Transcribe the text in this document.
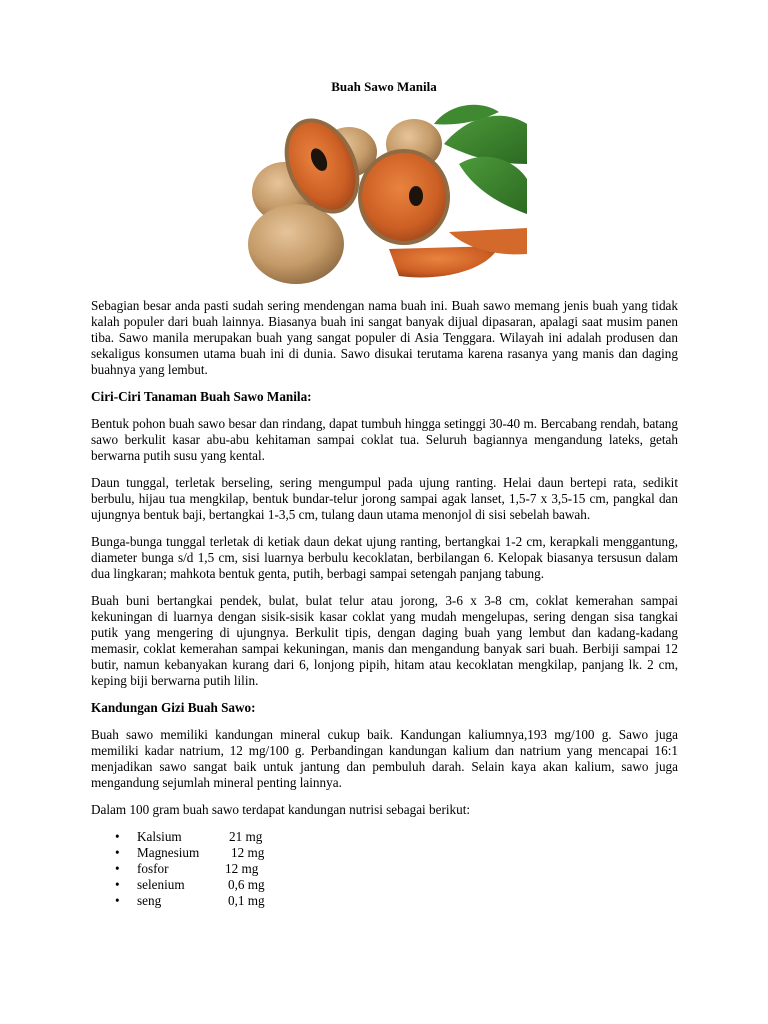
Buah Sawo Manila

Sebagian besar anda pasti sudah sering mendengan nama buah ini. Buah sawo memang jenis buah yang tidak kalah populer dari buah lainnya. Biasanya buah ini sangat banyak dijual dipasaran, apalagi saat musim panen tiba. Sawo manila merupakan buah yang sangat populer di Asia Tenggara. Wilayah ini adalah produsen dan sekaligus konsumen utama buah ini di dunia. Sawo disukai terutama karena rasanya yang manis dan daging buahnya yang lembut.

Ciri-Ciri Tanaman Buah Sawo Manila:

Bentuk pohon buah sawo besar dan rindang, dapat tumbuh hingga setinggi 30-40 m. Bercabang rendah, batang sawo berkulit kasar abu-abu kehitaman sampai coklat tua. Seluruh bagiannya mengandung lateks, getah berwarna putih susu yang kental.

Daun tunggal, terletak berseling, sering mengumpul pada ujung ranting. Helai daun bertepi rata, sedikit berbulu, hijau tua mengkilap, bentuk bundar-telur jorong sampai agak lanset, 1,5-7 x 3,5-15 cm, pangkal dan ujungnya bentuk baji, bertangkai 1-3,5 cm, tulang daun utama menonjol di sisi sebelah bawah.

Bunga-bunga tunggal terletak di ketiak daun dekat ujung ranting, bertangkai 1-2 cm, kerapkali menggantung, diameter bunga s/d 1,5 cm, sisi luarnya berbulu kecoklatan, berbilangan 6. Kelopak biasanya tersusun dalam dua lingkaran; mahkota bentuk genta, putih, berbagi sampai setengah panjang tabung.

Buah buni bertangkai pendek, bulat, bulat telur atau jorong, 3-6 x 3-8 cm, coklat kemerahan sampai kekuningan di luarnya dengan sisik-sisik kasar coklat yang mudah mengelupas, sering dengan sisa tangkai putik yang mengering di ujungnya. Berkulit tipis, dengan daging buah yang lembut dan kadang-kadang memasir, coklat kemerahan sampai kekuningan, manis dan mengandung banyak sari buah. Berbiji sampai 12 butir, namun kebanyakan kurang dari 6, lonjong pipih, hitam atau kecoklatan mengkilap, panjang lk. 2 cm, keping biji berwarna putih lilin.

Kandungan Gizi Buah Sawo:

Buah sawo memiliki kandungan mineral cukup baik. Kandungan kaliumnya,193 mg/100 g. Sawo juga memiliki kadar natrium, 12 mg/100 g. Perbandingan kandungan kalium dan natrium yang mencapai 16:1 menjadikan sawo sangat baik untuk jantung dan pembuluh darah. Selain kaya akan kalium, sawo juga mengandung sejumlah mineral penting lainnya.

Dalam 100 gram buah sawo terdapat kandungan nutrisi sebagai berikut:

• Kalsium	21 mg
• Magnesium 12 mg
• fosfor	12 mg
• selenium	0,6 mg
• seng	0,1 mg
